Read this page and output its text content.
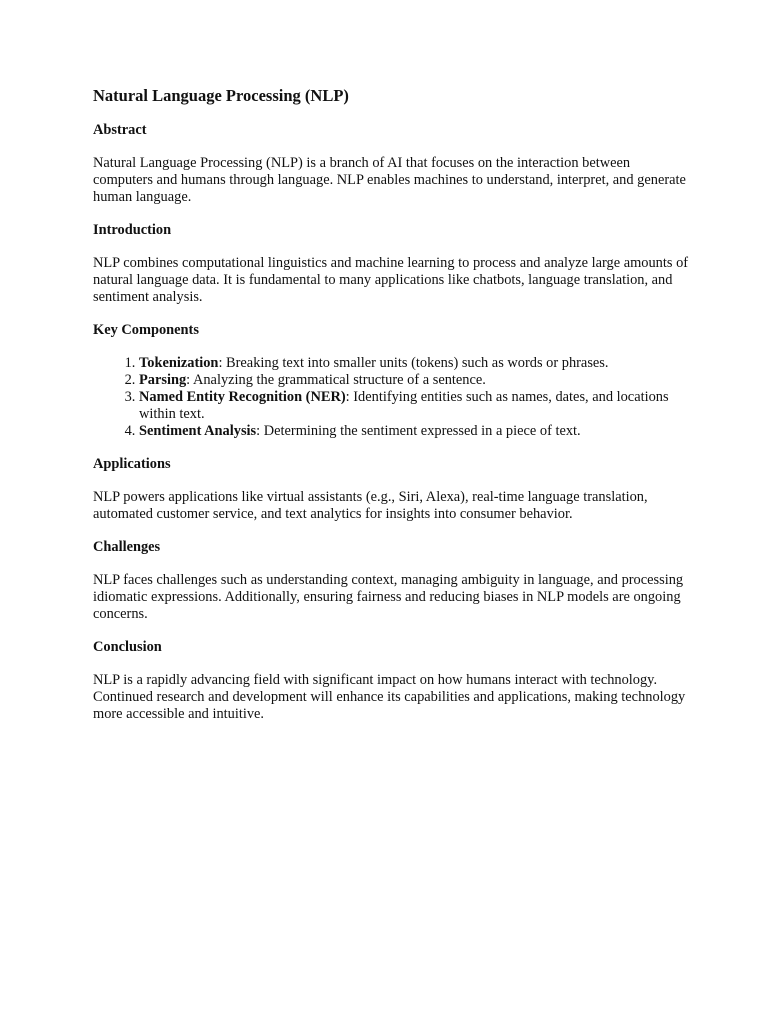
Natural Language Processing (NLP)
Abstract

Natural Language Processing (NLP) is a branch of AI that focuses on the interaction between computers and humans through language. NLP enables machines to understand, interpret, and generate human language.

Introduction

NLP combines computational linguistics and machine learning to process and analyze large amounts of natural language data. It is fundamental to many applications like chatbots, language translation, and sentiment analysis.

Key Components
1. Tokenization: Breaking text into smaller units (tokens) such as words or phrases.
2. Parsing: Analyzing the grammatical structure of a sentence.
3. Named Entity Recognition (NER): Identifying entities such as names, dates, and locations within text.
4. Sentiment Analysis: Determining the sentiment expressed in a piece of text.
Applications

NLP powers applications like virtual assistants (e.g., Siri, Alexa), real-time language translation, automated customer service, and text analytics for insights into consumer behavior.

Challenges

NLP faces challenges such as understanding context, managing ambiguity in language, and processing idiomatic expressions. Additionally, ensuring fairness and reducing biases in NLP models are ongoing concerns.

Conclusion

NLP is a rapidly advancing field with significant impact on how humans interact with technology. Continued research and development will enhance its capabilities and applications, making technology more accessible and intuitive.
